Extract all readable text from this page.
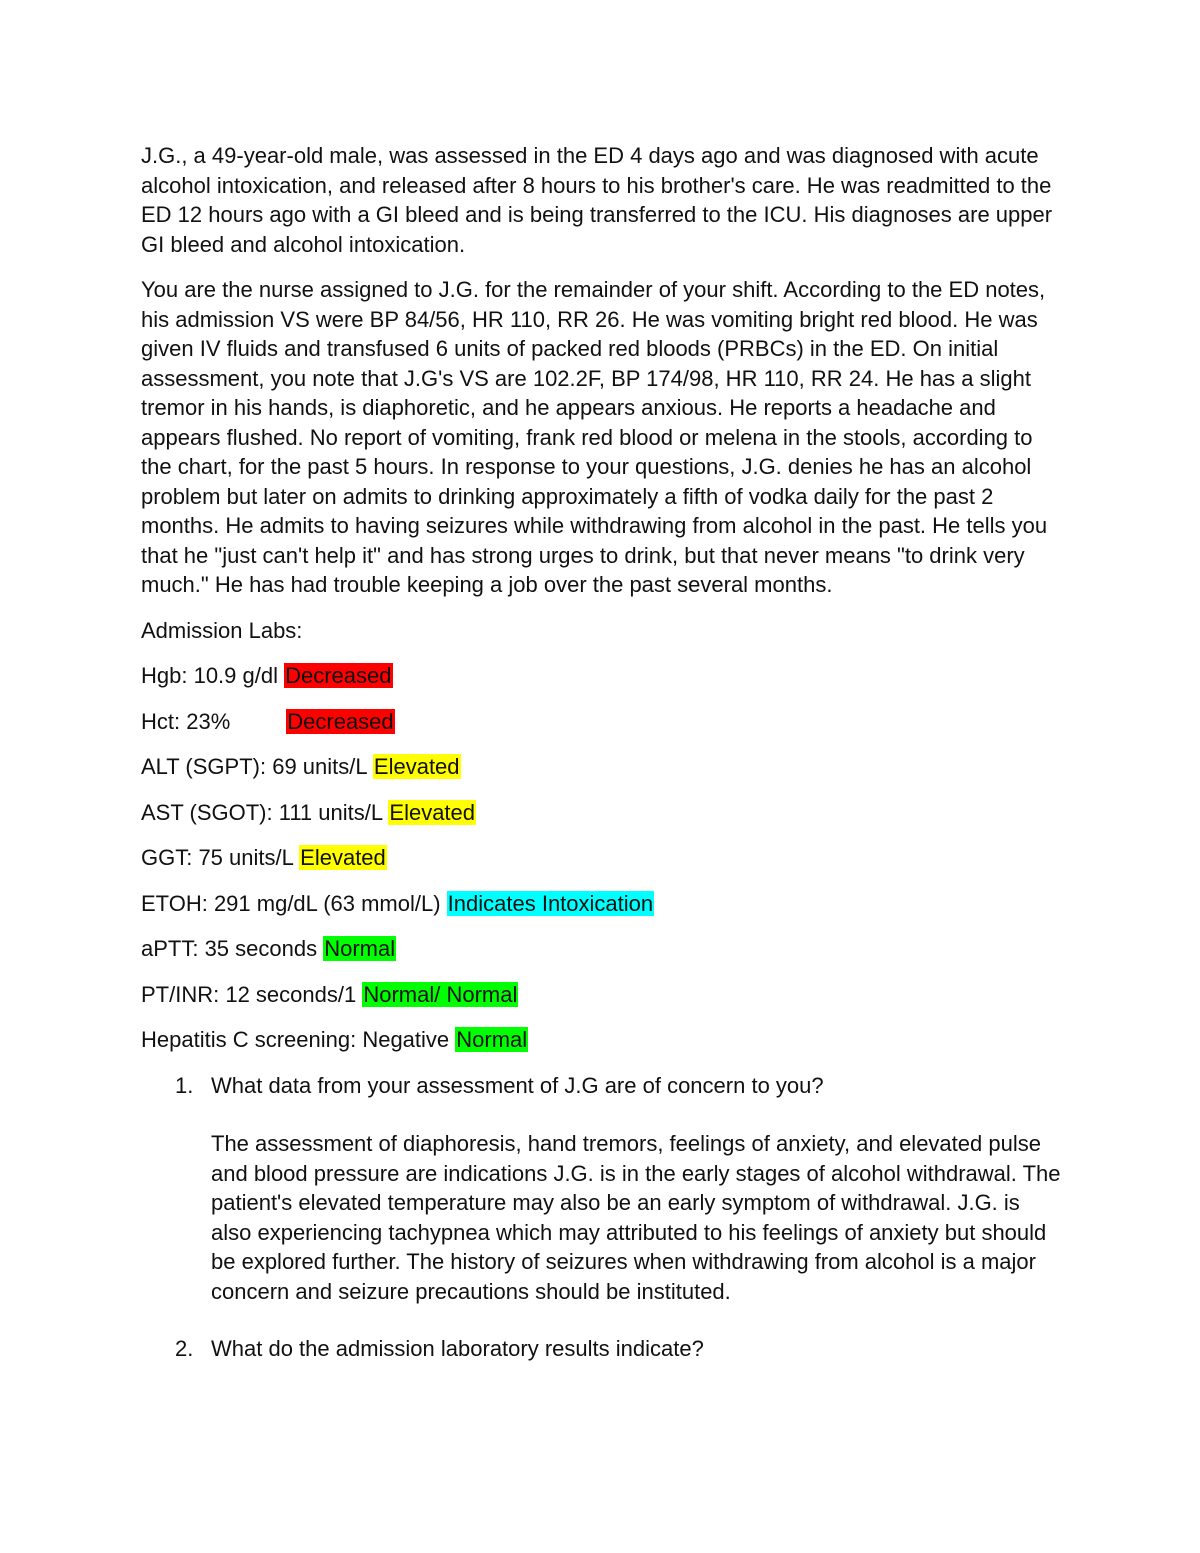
J.G., a 49-year-old male, was assessed in the ED 4 days ago and was diagnosed with acute alcohol intoxication, and released after 8 hours to his brother's care. He was readmitted to the ED 12 hours ago with a GI bleed and is being transferred to the ICU. His diagnoses are upper GI bleed and alcohol intoxication.

You are the nurse assigned to J.G. for the remainder of your shift. According to the ED notes, his admission VS were BP 84/56, HR 110, RR 26. He was vomiting bright red blood. He was given IV fluids and transfused 6 units of packed red bloods (PRBCs) in the ED. On initial assessment, you note that J.G's VS are 102.2F, BP 174/98, HR 110, RR 24. He has a slight tremor in his hands, is diaphoretic, and he appears anxious. He reports a headache and appears flushed. No report of vomiting, frank red blood or melena in the stools, according to the chart, for the past 5 hours. In response to your questions, J.G. denies he has an alcohol problem but later on admits to drinking approximately a fifth of vodka daily for the past 2 months. He admits to having seizures while withdrawing from alcohol in the past. He tells you that he "just can't help it" and has strong urges to drink, but that never means "to drink very much." He has had trouble keeping a job over the past several months.

Admission Labs:

Hgb: 10.9 g/dl Decreased
Hct: 23%	Decreased
ALT (SGPT): 69 units/L Elevated
AST (SGOT): 111 units/L Elevated
GGT: 75 units/L Elevated
ETOH: 291 mg/dL (63 mmol/L) Indicates Intoxication
aPTT: 35 seconds Normal
PT/INR: 12 seconds/1 Normal/ Normal
Hepatitis C screening: Negative Normal
1. What data from your assessment of J.G are of concern to you?
The assessment of diaphoresis, hand tremors, feelings of anxiety, and elevated pulse and blood pressure are indications J.G. is in the early stages of alcohol withdrawal. The patient's elevated temperature may also be an early symptom of withdrawal. J.G. is also experiencing tachypnea which may attributed to his feelings of anxiety but should be explored further. The history of seizures when withdrawing from alcohol is a major concern and seizure precautions should be instituted.
2. What do the admission laboratory results indicate?
